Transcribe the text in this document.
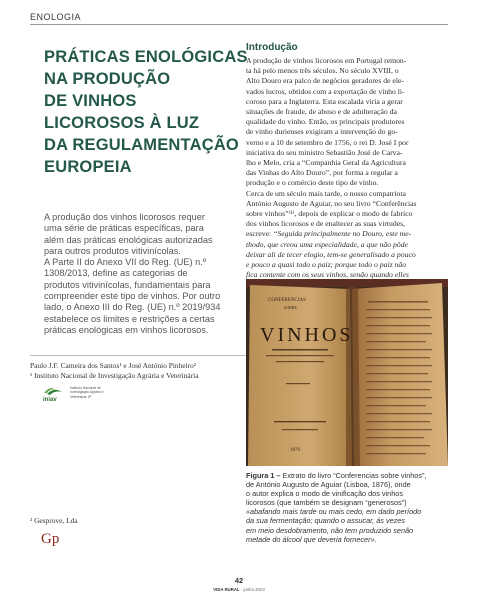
ENOLOGIA
PRÁTICAS ENOLÓGICAS
NA PRODUÇÃO
DE VINHOS
LICOROSOS À LUZ
DA REGULAMENTAÇÃO
EUROPEIA
A produção dos vinhos licorosos requer
uma série de práticas específicas, para
além das práticas enológicas autorizadas
para outros produtos vitivinícolas.
A Parte II do Anexo VII do Reg. (UE) n.º
1308/2013, define as categorias de
produtos vitivinícolas, fundamentais para
compreender este tipo de vinhos. Por outro
lado, o Anexo III do Reg. (UE) n.º 2019/934
estabelece os limites e restrições a certas
práticas enológicas em vinhos licorosos.
Paulo J.F. Cameira dos Santos¹ e José António Pinheiro²
¹ Instituto Nacional de Investigação Agrária e Veterinária
iniav
Instituto Nacional de
Investigação Agrária e
Veterinária, IP
² Gesprove, Lda
Gp
Introdução
A produção de vinhos licorosos em Portugal remon-
ta há pelo menos três séculos. No século XVIII, o
Alto Douro era palco de negócios geradores de ele-
vados lucros, obtidos com a exportação de vinho li-
coroso para a Inglaterra. Esta escalada viria a gerar
situações de fraude, de abuso e de adulteração da
qualidade do vinho. Então, os principais produtores
de vinho durienses exigiram a intervenção do go-
verno e a 10 de setembro de 1756, o rei D. José I por
iniciativa do seu ministro Sebastião José de Carva-
lho e Melo, cria a “Companhia Geral da Agricultura
das Vinhas do Alto Douro”, por forma a regular a
produção e o comércio deste tipo de vinho.
Cerca de um século mais tarde, o nosso compatriota
António Augusto de Aguiar, no seu livro “Conferências
sobre vinhos”⁽¹⁾, depois de explicar o modo de fabrico
dos vinhos licorosos e de enaltecer as suas virtudes,
escreve: “Seguida principalmente no Douro, este me-
thodo, que creou uma especialidade, a que não pôde
deixar ali de tecer elogio, tem-se generalisado a pouco
e pouco a quasi todo o paiz; porque todo o paiz não
fica contente com os seus vinhos, senão quando elles
CONFERENCIAS
SOBRE
VINHOS
1876
Figura 1 – Extrato do livro “Conferencias sobre vinhos”,
de António Augusto de Aguiar (Lisboa, 1876), onde
o autor explica o modo de vinificação dos vinhos
licorosos (que também se designam “generosos”)
«abafando mais tarde ou mais cedo, em dado período
da sua fermentação; quando o assucar, ás vezes
em meio desdobramento, não tem produzido senão
metade do álcool que deveria fornecer».
42
VIDA RURAL · junho 2023
